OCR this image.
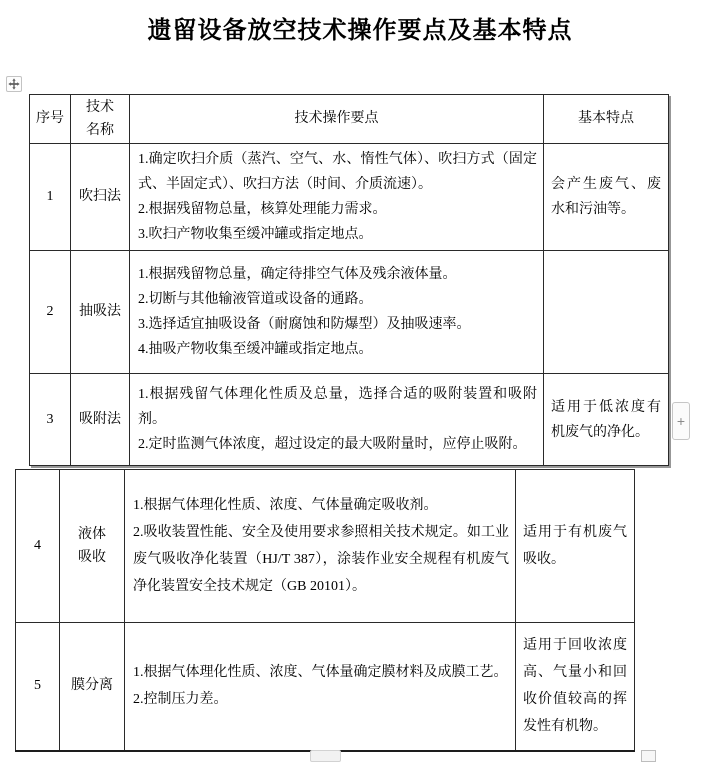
遗留设备放空技术操作要点及基本特点
序号	技术名称	技术操作要点	基本特点
1	吹扫法	1.确定吹扫介质（蒸汽、空气、水、惰性气体）、吹扫方式（固定式、半固定式）、吹扫方法（时间、介质流速）。
2.根据残留物总量，核算处理能力需求。
3.吹扫产物收集至缓冲罐或指定地点。	会产生废气、废水和污油等。
2	抽吸法	1.根据残留物总量，确定待排空气体及残余液体量。
2.切断与其他输液管道或设备的通路。
3.选择适宜抽吸设备（耐腐蚀和防爆型）及抽吸速率。
4.抽吸产物收集至缓冲罐或指定地点。	

3	吸附法	1.根据残留气体理化性质及总量，选择合适的吸附装置和吸附剂。
2.定时监测气体浓度，超过设定的最大吸附量时，应停止吸附。	适用于低浓度有机废气的净化。
4	液体吸收	1.根据气体理化性质、浓度、气体量确定吸收剂。
2.吸收装置性能、安全及使用要求参照相关技术规定。如工业废气吸收净化装置（HJ/T 387），涂装作业安全规程有机废气净化装置安全技术规定（GB 20101）。	适用于有机废气吸收。
5	膜分离	1.根据气体理化性质、浓度、气体量确定膜材料及成膜工艺。
2.控制压力差。	适用于回收浓度高、气量小和回收价值较高的挥发性有机物。
+
